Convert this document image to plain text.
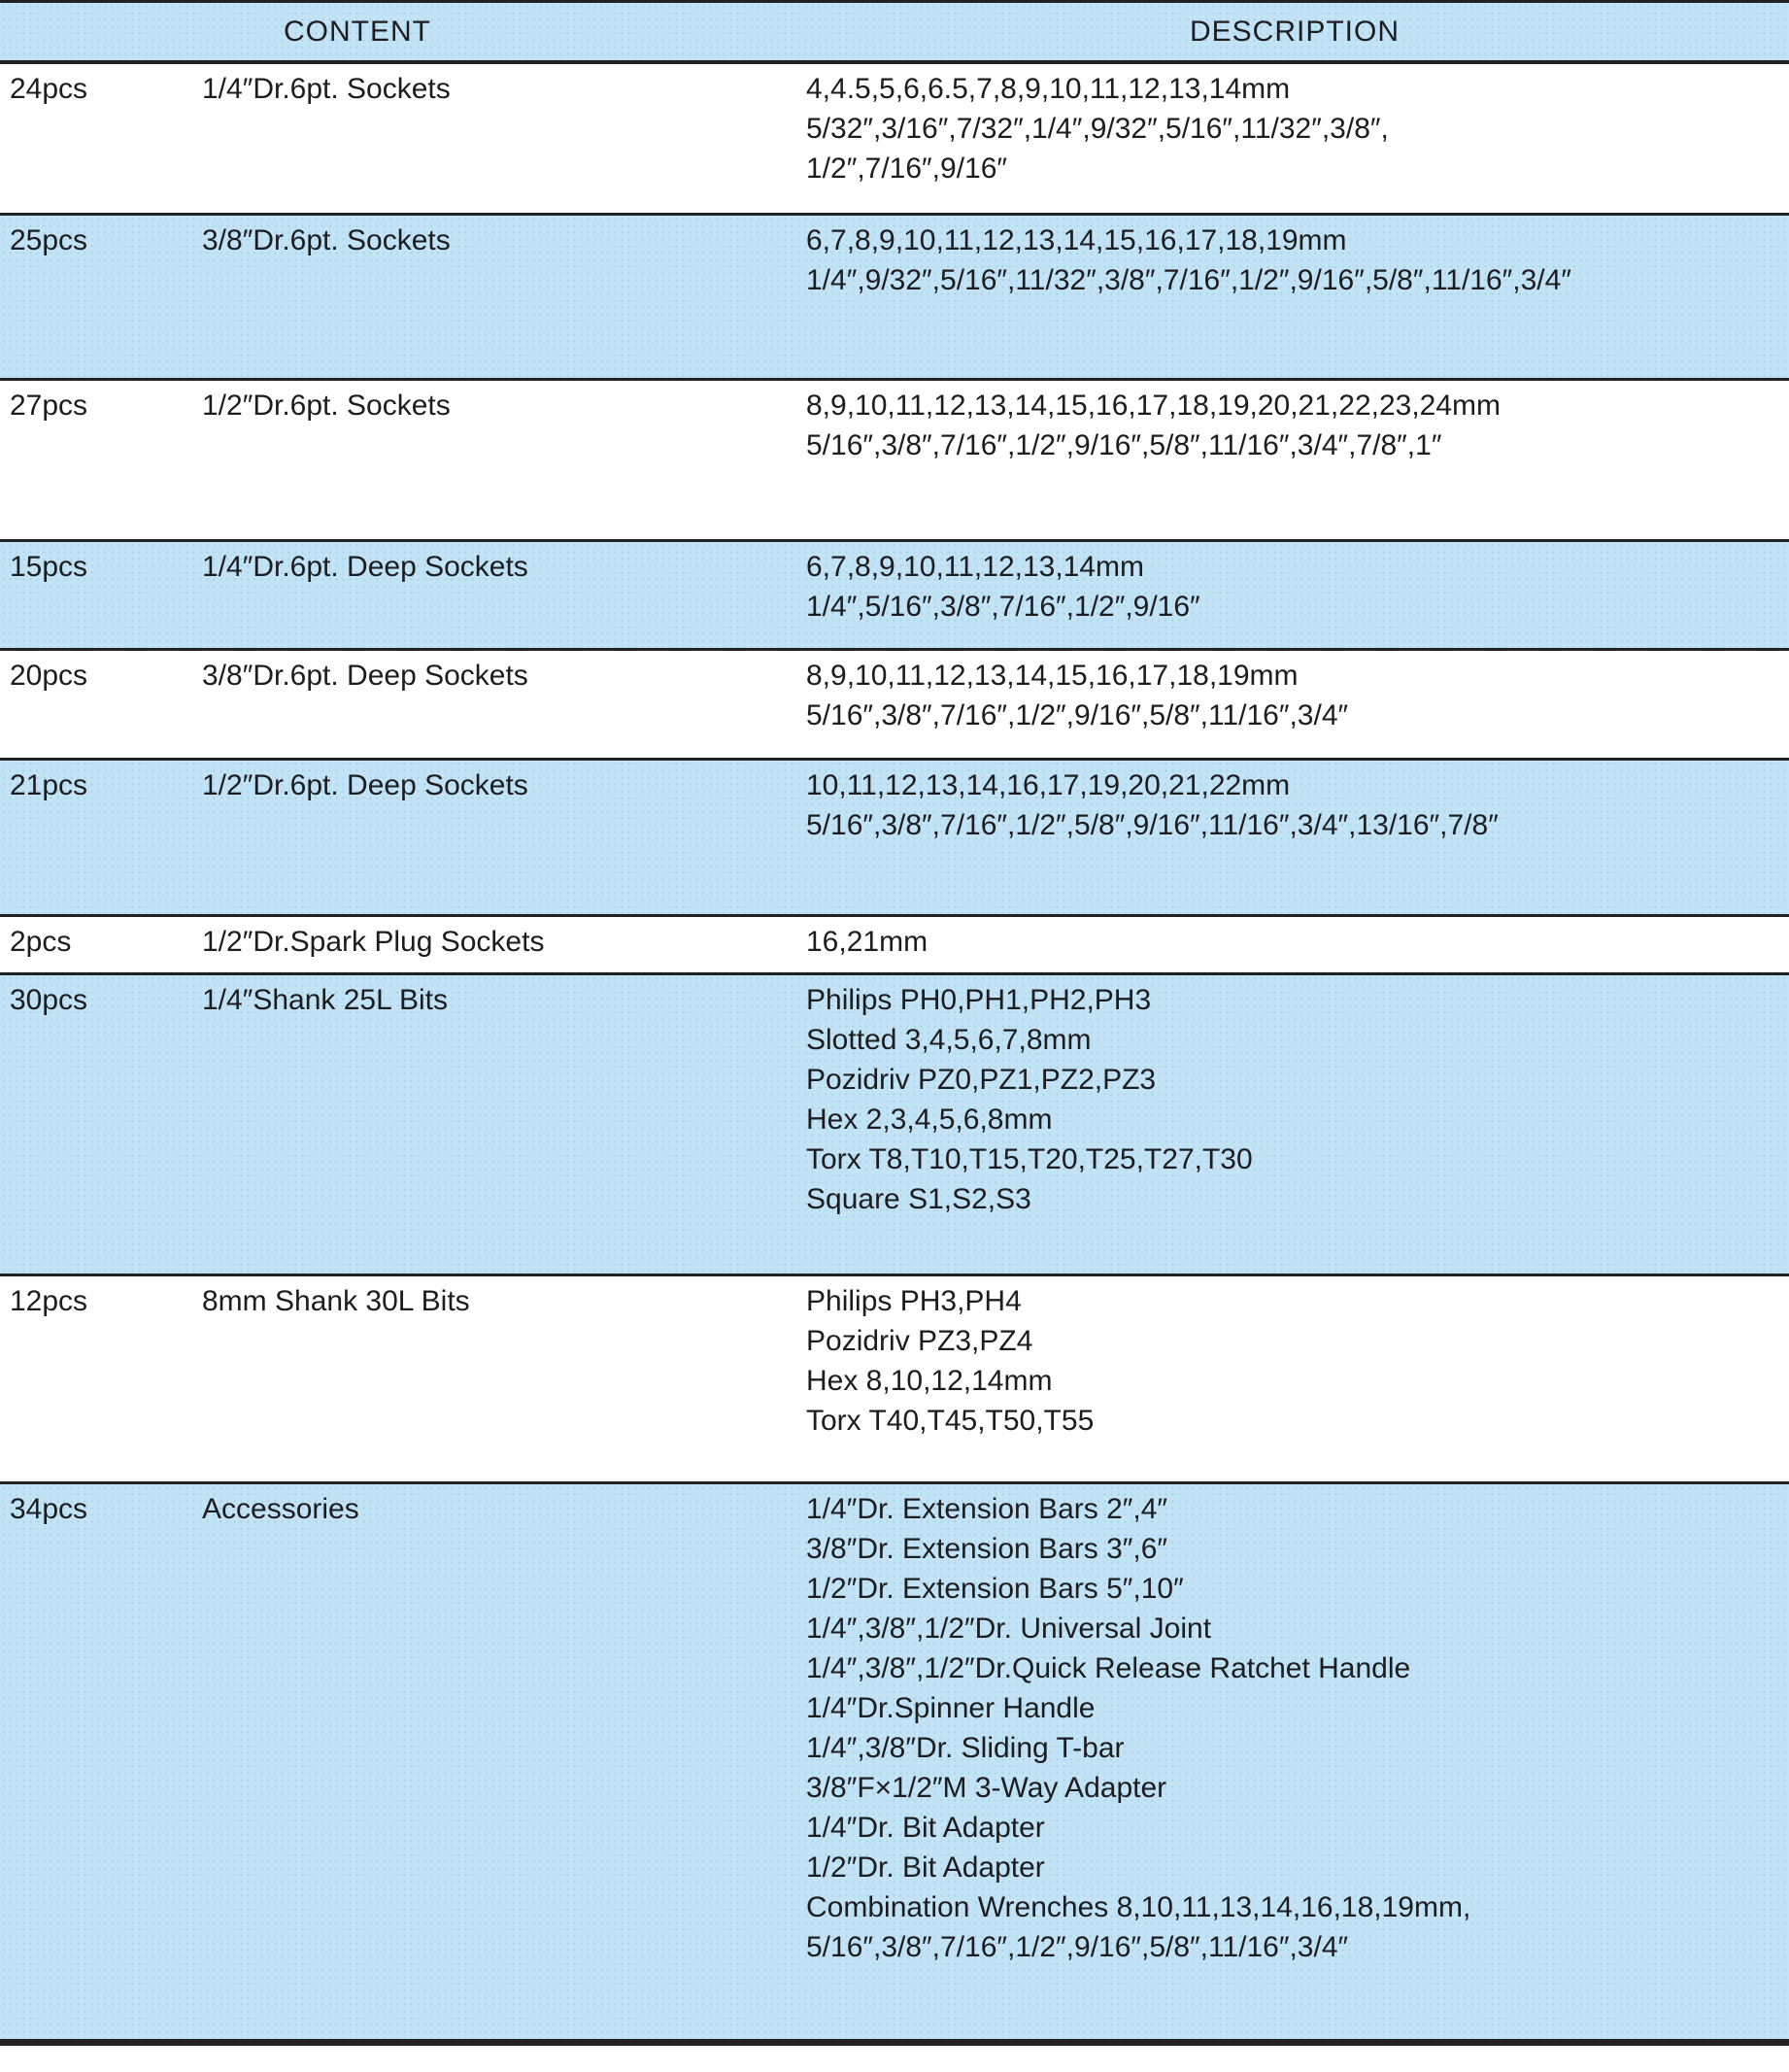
CONTENT	DESCRIPTION
24pcs	1/4″Dr.6pt. Sockets	4,4.5,5,6,6.5,7,8,9,10,11,12,13,14mm
5/32″,3/16″,7/32″,1/4″,9/32″,5/16″,11/32″,3/8″,
1/2″,7/16″,9/16″
25pcs	3/8″Dr.6pt. Sockets	6,7,8,9,10,11,12,13,14,15,16,17,18,19mm
1/4″,9/32″,5/16″,11/32″,3/8″,7/16″,1/2″,9/16″,5/8″,11/16″,3/4″
27pcs	1/2″Dr.6pt. Sockets	8,9,10,11,12,13,14,15,16,17,18,19,20,21,22,23,24mm
5/16″,3/8″,7/16″,1/2″,9/16″,5/8″,11/16″,3/4″,7/8″,1″
15pcs	1/4″Dr.6pt. Deep Sockets	6,7,8,9,10,11,12,13,14mm
1/4″,5/16″,3/8″,7/16″,1/2″,9/16″
20pcs	3/8″Dr.6pt. Deep Sockets	8,9,10,11,12,13,14,15,16,17,18,19mm
5/16″,3/8″,7/16″,1/2″,9/16″,5/8″,11/16″,3/4″
21pcs	1/2″Dr.6pt. Deep Sockets	10,11,12,13,14,16,17,19,20,21,22mm
5/16″,3/8″,7/16″,1/2″,5/8″,9/16″,11/16″,3/4″,13/16″,7/8″
2pcs	1/2″Dr.Spark Plug Sockets	16,21mm
30pcs	1/4″Shank 25L Bits	Philips PH0,PH1,PH2,PH3
Slotted 3,4,5,6,7,8mm
Pozidriv PZ0,PZ1,PZ2,PZ3
Hex 2,3,4,5,6,8mm
Torx T8,T10,T15,T20,T25,T27,T30
Square S1,S2,S3
12pcs	8mm Shank 30L Bits	Philips PH3,PH4
Pozidriv PZ3,PZ4
Hex 8,10,12,14mm
Torx T40,T45,T50,T55
34pcs	Accessories	1/4″Dr. Extension Bars 2″,4″
3/8″Dr. Extension Bars 3″,6″
1/2″Dr. Extension Bars 5″,10″
1/4″,3/8″,1/2″Dr. Universal Joint
1/4″,3/8″,1/2″Dr.Quick Release Ratchet Handle
1/4″Dr.Spinner Handle
1/4″,3/8″Dr. Sliding T-bar
3/8″F×1/2″M 3-Way Adapter
1/4″Dr. Bit Adapter
1/2″Dr. Bit Adapter
Combination Wrenches 8,10,11,13,14,16,18,19mm,
5/16″,3/8″,7/16″,1/2″,9/16″,5/8″,11/16″,3/4″
